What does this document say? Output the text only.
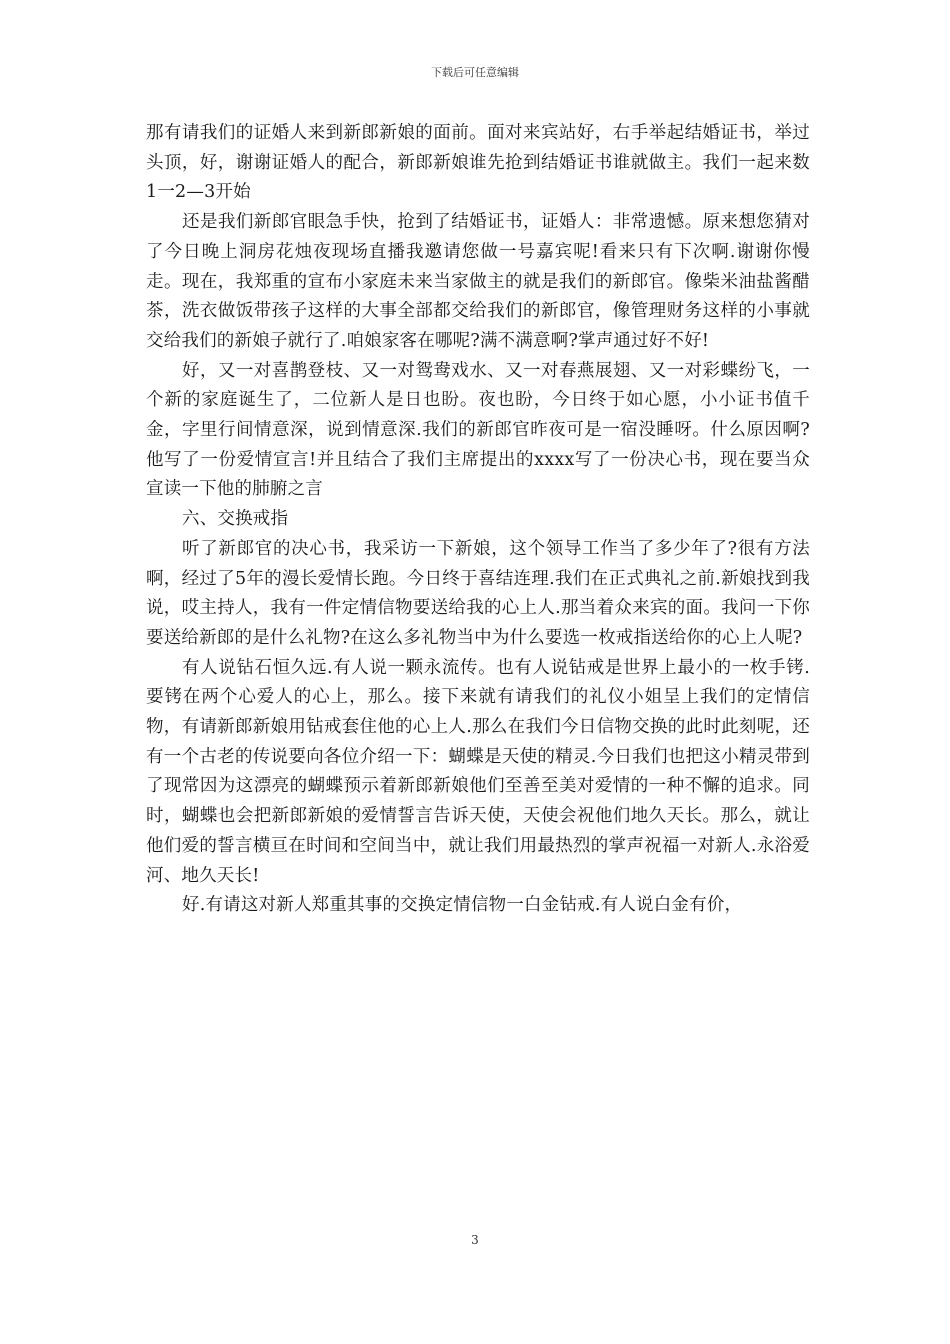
下载后可任意编辑

那有请我们的证婚人来到新郎新娘的面前。面对来宾站好，右手举起结婚证书，举过头顶，好，谢谢证婚人的配合，新郎新娘谁先抢到结婚证书谁就做主。我们一起来数1一2—3开始

还是我们新郎官眼急手快，抢到了结婚证书，证婚人：非常遗憾。原来想您猜对了今日晚上洞房花烛夜现场直播我邀请您做一号嘉宾呢!看来只有下次啊.谢谢你慢走。现在，我郑重的宣布小家庭未来当家做主的就是我们的新郎官。像柴米油盐酱醋茶，洗衣做饭带孩子这样的大事全部都交给我们的新郎官，像管理财务这样的小事就交给我们的新娘子就行了.咱娘家客在哪呢?满不满意啊?掌声通过好不好!

好，又一对喜鹊登枝、又一对鸳鸯戏水、又一对春燕展翅、又一对彩蝶纷飞，一个新的家庭诞生了，二位新人是日也盼。夜也盼，今日终于如心愿，小小证书值千金，字里行间情意深，说到情意深.我们的新郎官昨夜可是一宿没睡呀。什么原因啊?他写了一份爱情宣言!并且结合了我们主席提出的xxxx写了一份决心书，现在要当众宣读一下他的肺腑之言

六、交换戒指

听了新郎官的决心书，我采访一下新娘，这个领导工作当了多少年了?很有方法啊，经过了5年的漫长爱情长跑。今日终于喜结连理.我们在正式典礼之前.新娘找到我说，哎主持人，我有一件定情信物要送给我的心上人.那当着众来宾的面。我问一下你要送给新郎的是什么礼物?在这么多礼物当中为什么要选一枚戒指送给你的心上人呢?

有人说钻石恒久远.有人说一颗永流传。也有人说钻戒是世界上最小的一枚手铐.要铐在两个心爱人的心上，那么。接下来就有请我们的礼仪小姐呈上我们的定情信物，有请新郎新娘用钻戒套住他的心上人.那么在我们今日信物交换的此时此刻呢，还有一个古老的传说要向各位介绍一下：蝴蝶是天使的精灵.今日我们也把这小精灵带到了现常因为这漂亮的蝴蝶预示着新郎新娘他们至善至美对爱情的一种不懈的追求。同时，蝴蝶也会把新郎新娘的爱情誓言告诉天使，天使会祝他们地久天长。那么，就让他们爱的誓言横亘在时间和空间当中，就让我们用最热烈的掌声祝福一对新人.永浴爱河、地久天长!

好.有请这对新人郑重其事的交换定情信物一白金钻戒.有人说白金有价，

3
